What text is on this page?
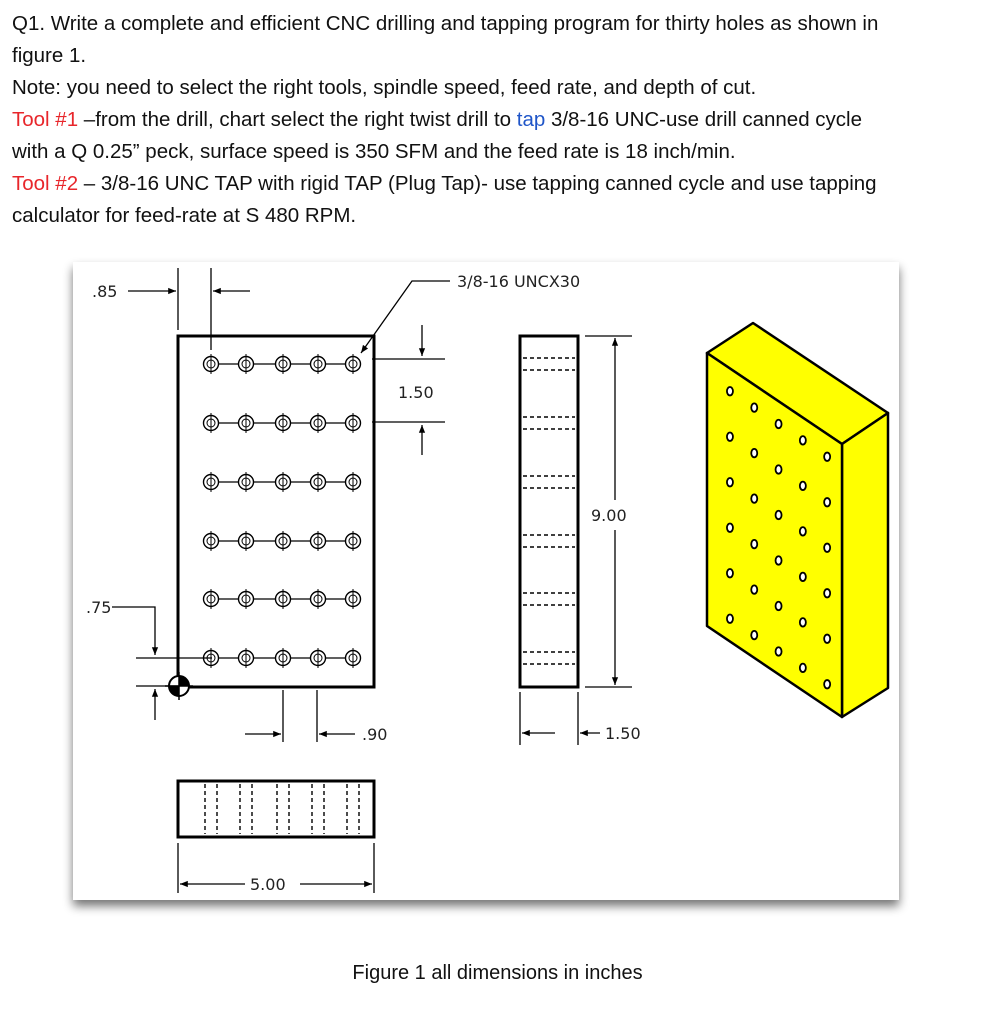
Q1. Write a complete and efficient CNC drilling and tapping program for thirty holes as shown in

figure 1.

Note: you need to select the right tools, spindle speed, feed rate, and depth of cut.

Tool #1 –from the drill, chart select the right twist drill to tap 3/8-16 UNC-use drill canned cycle

with a Q 0.25” peck, surface speed is 350 SFM and the feed rate is 18 inch/min.

Tool #2 – 3/8-16 UNC TAP with rigid TAP (Plug Tap)- use tapping canned cycle and use tapping

calculator for feed-rate at S 480 RPM.

.85
.75
1.50
3/8-16 UNCX30
.90
5.00
9.00
1.50
Figure 1 all dimensions in inches
